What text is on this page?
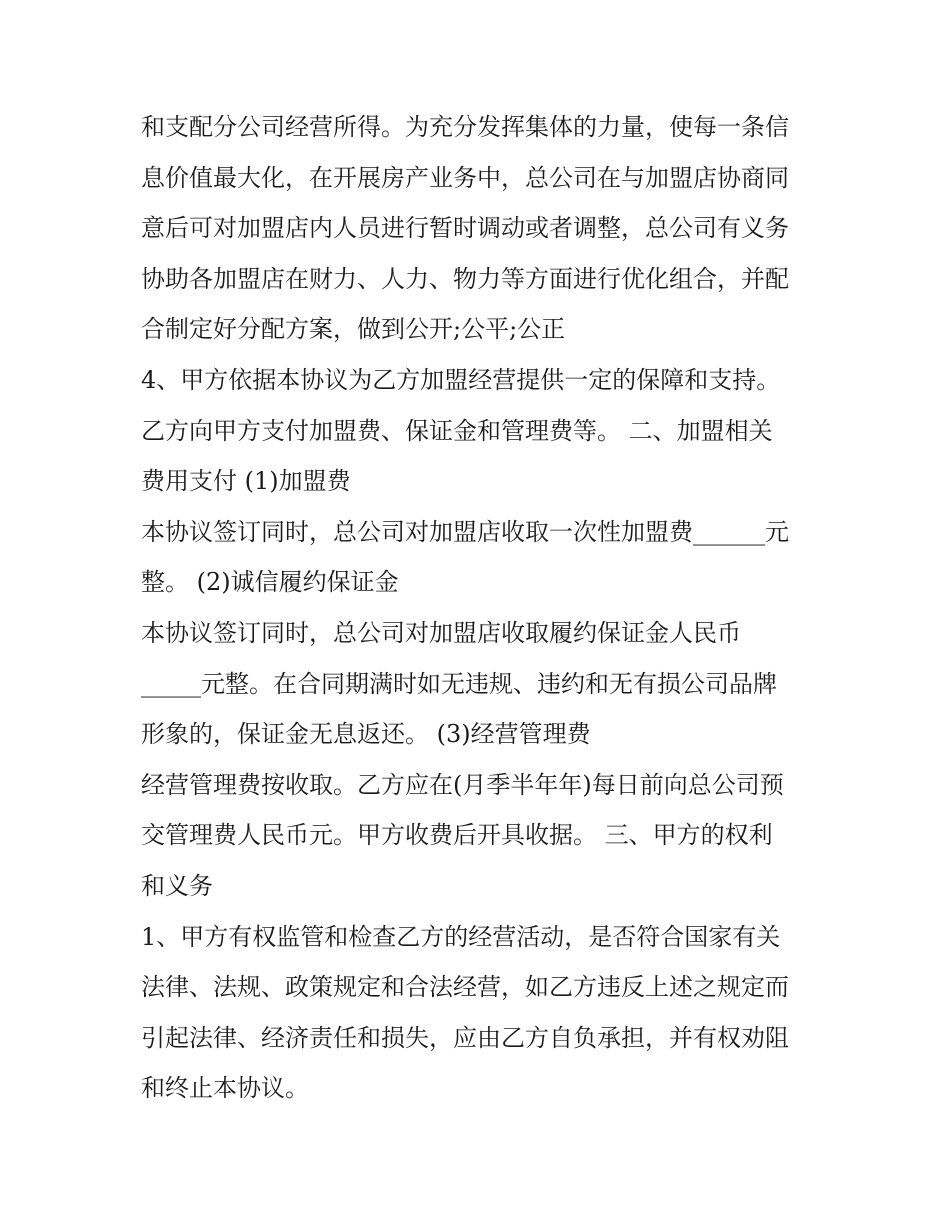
和支配分公司经营所得。为充分发挥集体的力量，使每一条信
息价值最大化，在开展房产业务中，总公司在与加盟店协商同
意后可对加盟店内人员进行暂时调动或者调整，总公司有义务
协助各加盟店在财力、人力、物力等方面进行优化组合，并配
合制定好分配方案，做到公开;公平;公正
4、甲方依据本协议为乙方加盟经营提供一定的保障和支持。
乙方向甲方支付加盟费、保证金和管理费等。 二、加盟相关
费用支付 (1)加盟费
本协议签订同时，总公司对加盟店收取一次性加盟费______元
整。 (2)诚信履约保证金
本协议签订同时，总公司对加盟店收取履约保证金人民币
_____元整。在合同期满时如无违规、违约和无有损公司品牌
形象的，保证金无息返还。 (3)经营管理费
经营管理费按收取。乙方应在(月季半年年)每日前向总公司预
交管理费人民币元。甲方收费后开具收据。 三、甲方的权利
和义务
1、甲方有权监管和检查乙方的经营活动，是否符合国家有关
法律、法规、政策规定和合法经营，如乙方违反上述之规定而
引起法律、经济责任和损失，应由乙方自负承担，并有权劝阻
和终止本协议。
